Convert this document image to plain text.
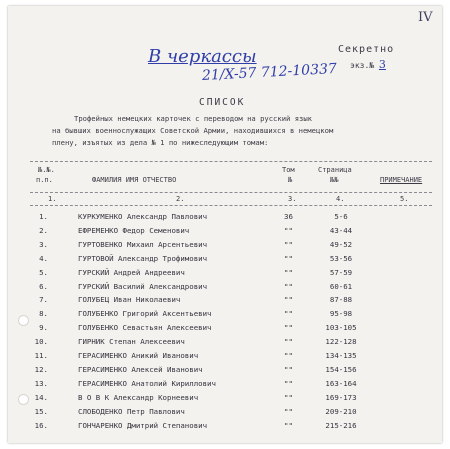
IV
Секретно
экз.№ 3
В черкассы
21/X-57 712-10337
СПИСОК
Трофейных немецких карточек с переводом на русский язык
на бывших военнослужащих Советской Армии, находившихся в немецком
плену, изъятых из дела № 1 по нижеследующим томам:
№.№.
п.п.	ФАМИЛИЯ ИМЯ ОТЧЕСТВО
Том
№
Страница
№№	ПРИМЕЧАНИЕ
1.	2.	3.	4.	5.
1.	КУРКУМЕНКО Александр Павлович	36	5-6
2.	ЕФРЕМЕНКО Федор Семенович	""	43-44
3.	ГУРТОВЕНКО Михаил Арсентьевич	""	49-52
4.	ГУРТОВОЙ Александр Трофимович	""	53-56
5.	ГУРСКИЙ Андрей Андреевич	""	57-59
6.	ГУРСКИЙ Василий Александрович	""	60-61
7.	ГОЛУБЕЦ Иван Николаевич	""	87-88
8.	ГОЛУБЕНКО Григорий Аксентьевич	""	95-98
9.	ГОЛУБЕНКО Севастьян Алексеевич	""	103-105
10.	ГИРНИК Степан Алексеевич	""	122-128
11.	ГЕРАСИМЕНКО Аникий Иванович	""	134-135
12.	ГЕРАСИМЕНКО Алексей Иванович	""	154-156
13.	ГЕРАСИМЕНКО Анатолий Кириллович	""	163-164
14.	В О В К Александр Корнеевич	""	169-173
15.	СЛОБОДЕНКО Петр Павлович	""	209-210
16.	ГОНЧАРЕНКО Дмитрий Степанович	""	215-216
